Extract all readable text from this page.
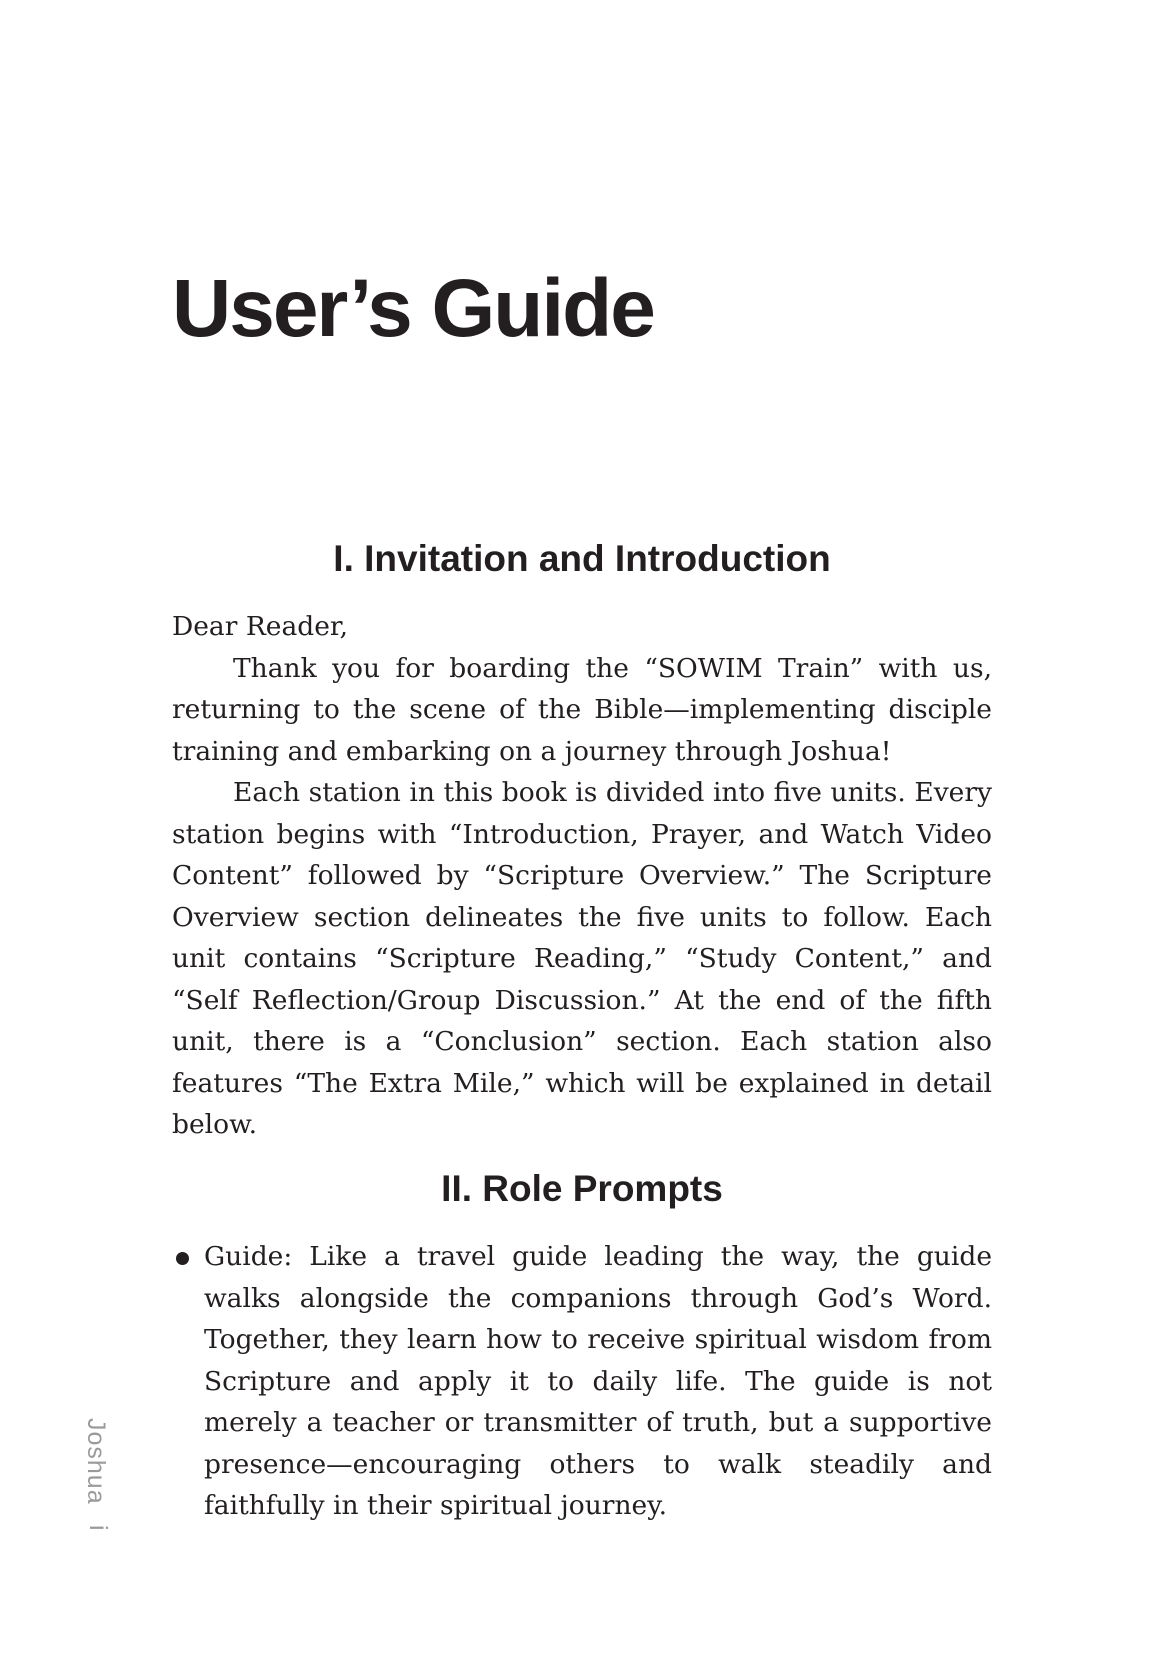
User’s Guide
I. Invitation and Introduction

Dear Reader,

Thank you for boarding the “SOWIM Train” with us, returning to the scene of the Bible—implementing disciple training and embarking on a journey through Joshua!

Each station in this book is divided into five units. Every station begins with “Introduction, Prayer, and Watch Video Content” followed by “Scripture Overview.” The Scripture Overview section delineates the five units to follow. Each unit contains “Scripture Reading,” “Study Content,” and “Self Reflection/Group Discussion.” At the end of the fifth unit, there is a “Conclusion” section. Each station also features “The Extra Mile,” which will be explained in detail below.

II. Role Prompts
Guide: Like a travel guide leading the way, the guide walks alongside the companions through God’s Word. Together, they learn how to receive spiritual wisdom from Scripture and apply it to daily life. The guide is not merely a teacher or transmitter of truth, but a supportive presence—encouraging others to walk steadily and faithfully in their spiritual journey.
Joshua
i
